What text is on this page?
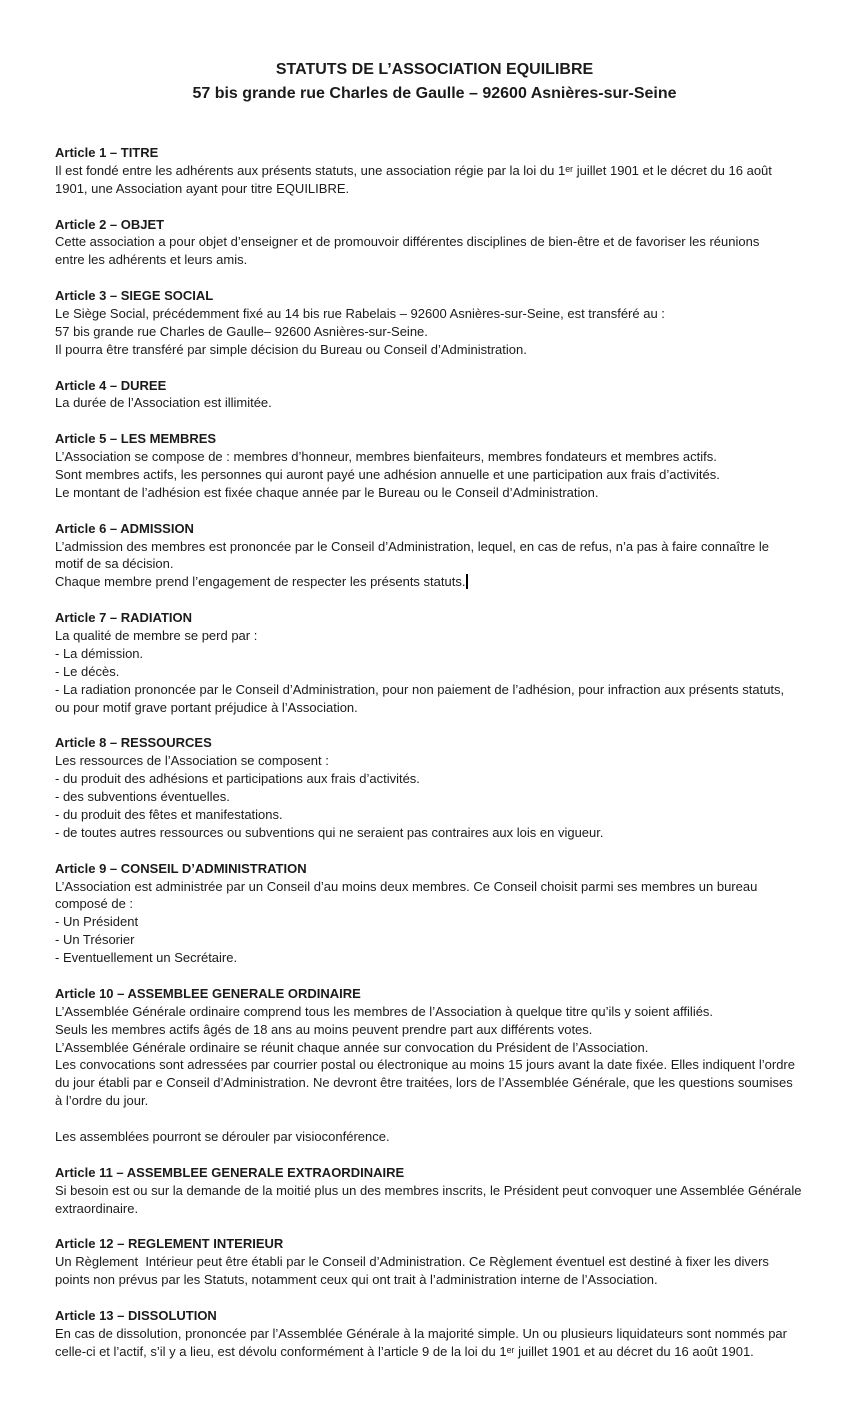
STATUTS DE L’ASSOCIATION EQUILIBRE
57 bis grande rue Charles de Gaulle – 92600 Asnières-sur-Seine
Article 1 – TITRE
Il est fondé entre les adhérents aux présents statuts, une association régie par la loi du 1ᵉʳ juillet 1901 et le décret du 16 août
1901, une Association ayant pour titre EQUILIBRE.
Article 2 – OBJET
Cette association a pour objet d’enseigner et de promouvoir différentes disciplines de bien-être et de favoriser les réunions
entre les adhérents et leurs amis.
Article 3 – SIEGE SOCIAL
Le Siège Social, précédemment fixé au 14 bis rue Rabelais – 92600 Asnières-sur-Seine, est transféré au :
57 bis grande rue Charles de Gaulle– 92600 Asnières-sur-Seine.
Il pourra être transféré par simple décision du Bureau ou Conseil d’Administration.
Article 4 – DUREE
La durée de l’Association est illimitée.
Article 5 – LES MEMBRES
L’Association se compose de : membres d’honneur, membres bienfaiteurs, membres fondateurs et membres actifs.
Sont membres actifs, les personnes qui auront payé une adhésion annuelle et une participation aux frais d’activités.
Le montant de l’adhésion est fixée chaque année par le Bureau ou le Conseil d’Administration.
Article 6 – ADMISSION
L’admission des membres est prononcée par le Conseil d’Administration, lequel, en cas de refus, n’a pas à faire connaître le
motif de sa décision.
Chaque membre prend l’engagement de respecter les présents statuts.
Article 7 – RADIATION
La qualité de membre se perd par :
- La démission.
- Le décès.
- La radiation prononcée par le Conseil d’Administration, pour non paiement de l’adhésion, pour infraction aux présents statuts,
ou pour motif grave portant préjudice à l’Association.
Article 8 – RESSOURCES
Les ressources de l’Association se composent :
- du produit des adhésions et participations aux frais d’activités.
- des subventions éventuelles.
- du produit des fêtes et manifestations.
- de toutes autres ressources ou subventions qui ne seraient pas contraires aux lois en vigueur.
Article 9 – CONSEIL D’ADMINISTRATION
L’Association est administrée par un Conseil d’au moins deux membres. Ce Conseil choisit parmi ses membres un bureau
composé de :
- Un Président
- Un Trésorier
- Eventuellement un Secrétaire.
Article 10 – ASSEMBLEE GENERALE ORDINAIRE
L’Assemblée Générale ordinaire comprend tous les membres de l’Association à quelque titre qu’ils y soient affiliés.
Seuls les membres actifs âgés de 18 ans au moins peuvent prendre part aux différents votes.
L’Assemblée Générale ordinaire se réunit chaque année sur convocation du Président de l’Association.
Les convocations sont adressées par courrier postal ou électronique au moins 15 jours avant la date fixée. Elles indiquent l’ordre
du jour établi par e Conseil d’Administration. Ne devront être traitées, lors de l’Assemblée Générale, que les questions soumises
à l’ordre du jour.
Les assemblées pourront se dérouler par visioconférence.
Article 11 – ASSEMBLEE GENERALE EXTRAORDINAIRE
Si besoin est ou sur la demande de la moitié plus un des membres inscrits, le Président peut convoquer une Assemblée Générale
extraordinaire.
Article 12 – REGLEMENT INTERIEUR
Un Règlement  Intérieur peut être établi par le Conseil d’Administration. Ce Règlement éventuel est destiné à fixer les divers
points non prévus par les Statuts, notamment ceux qui ont trait à l’administration interne de l’Association.
Article 13 – DISSOLUTION
En cas de dissolution, prononcée par l’Assemblée Générale à la majorité simple. Un ou plusieurs liquidateurs sont nommés par
celle-ci et l’actif, s’il y a lieu, est dévolu conformément à l’article 9 de la loi du 1ᵉʳ juillet 1901 et au décret du 16 août 1901.
